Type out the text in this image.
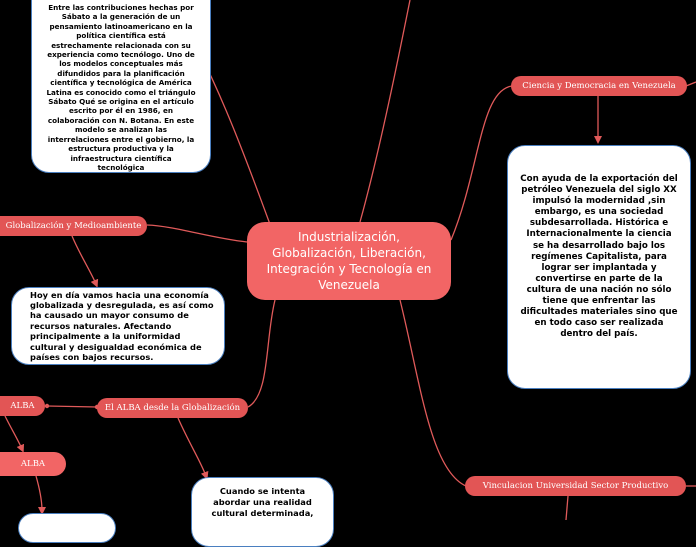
Industrialización, Globalización, Liberación, Integración y Tecnología en Venezuela
Ciencia y Democracia en Venezuela
Globalización y Medioambiente
El ALBA desde la Globalización
ALBA
ALBA
Vinculacion Universidad Sector Productivo
Entre las contribuciones hechas por Sábato a la generación de un pensamiento latinoamericano en la política científica está estrechamente relacionada con su experiencia como tecnólogo. Uno de los modelos conceptuales más difundidos para la planificación científica y tecnológica de América Latina es conocido como el triángulo Sábato Qué se origina en el artículo escrito por él en 1986, en colaboración con N. Botana. En este modelo se analizan las interrelaciones entre el gobierno, la estructura productiva y la infraestructura científica tecnológica
Con ayuda de la exportación del petróleo Venezuela del siglo XX impulsó la modernidad ,sin embargo, es una sociedad subdesarrollada. Histórica e Internacionalmente la ciencia se ha desarrollado bajo los regímenes Capitalista, para lograr ser implantada y convertirse en parte de la cultura de una nación no sólo tiene que enfrentar las dificultades materiales sino que en todo caso ser realizada dentro del país.
Hoy en día vamos hacia una economía globalizada y desregulada, es así como ha causado un mayor consumo de recursos naturales. Afectando principalmente a la uniformidad cultural y desigualdad económica de países con bajos recursos.
Cuando se intenta abordar una realidad cultural determinada,
